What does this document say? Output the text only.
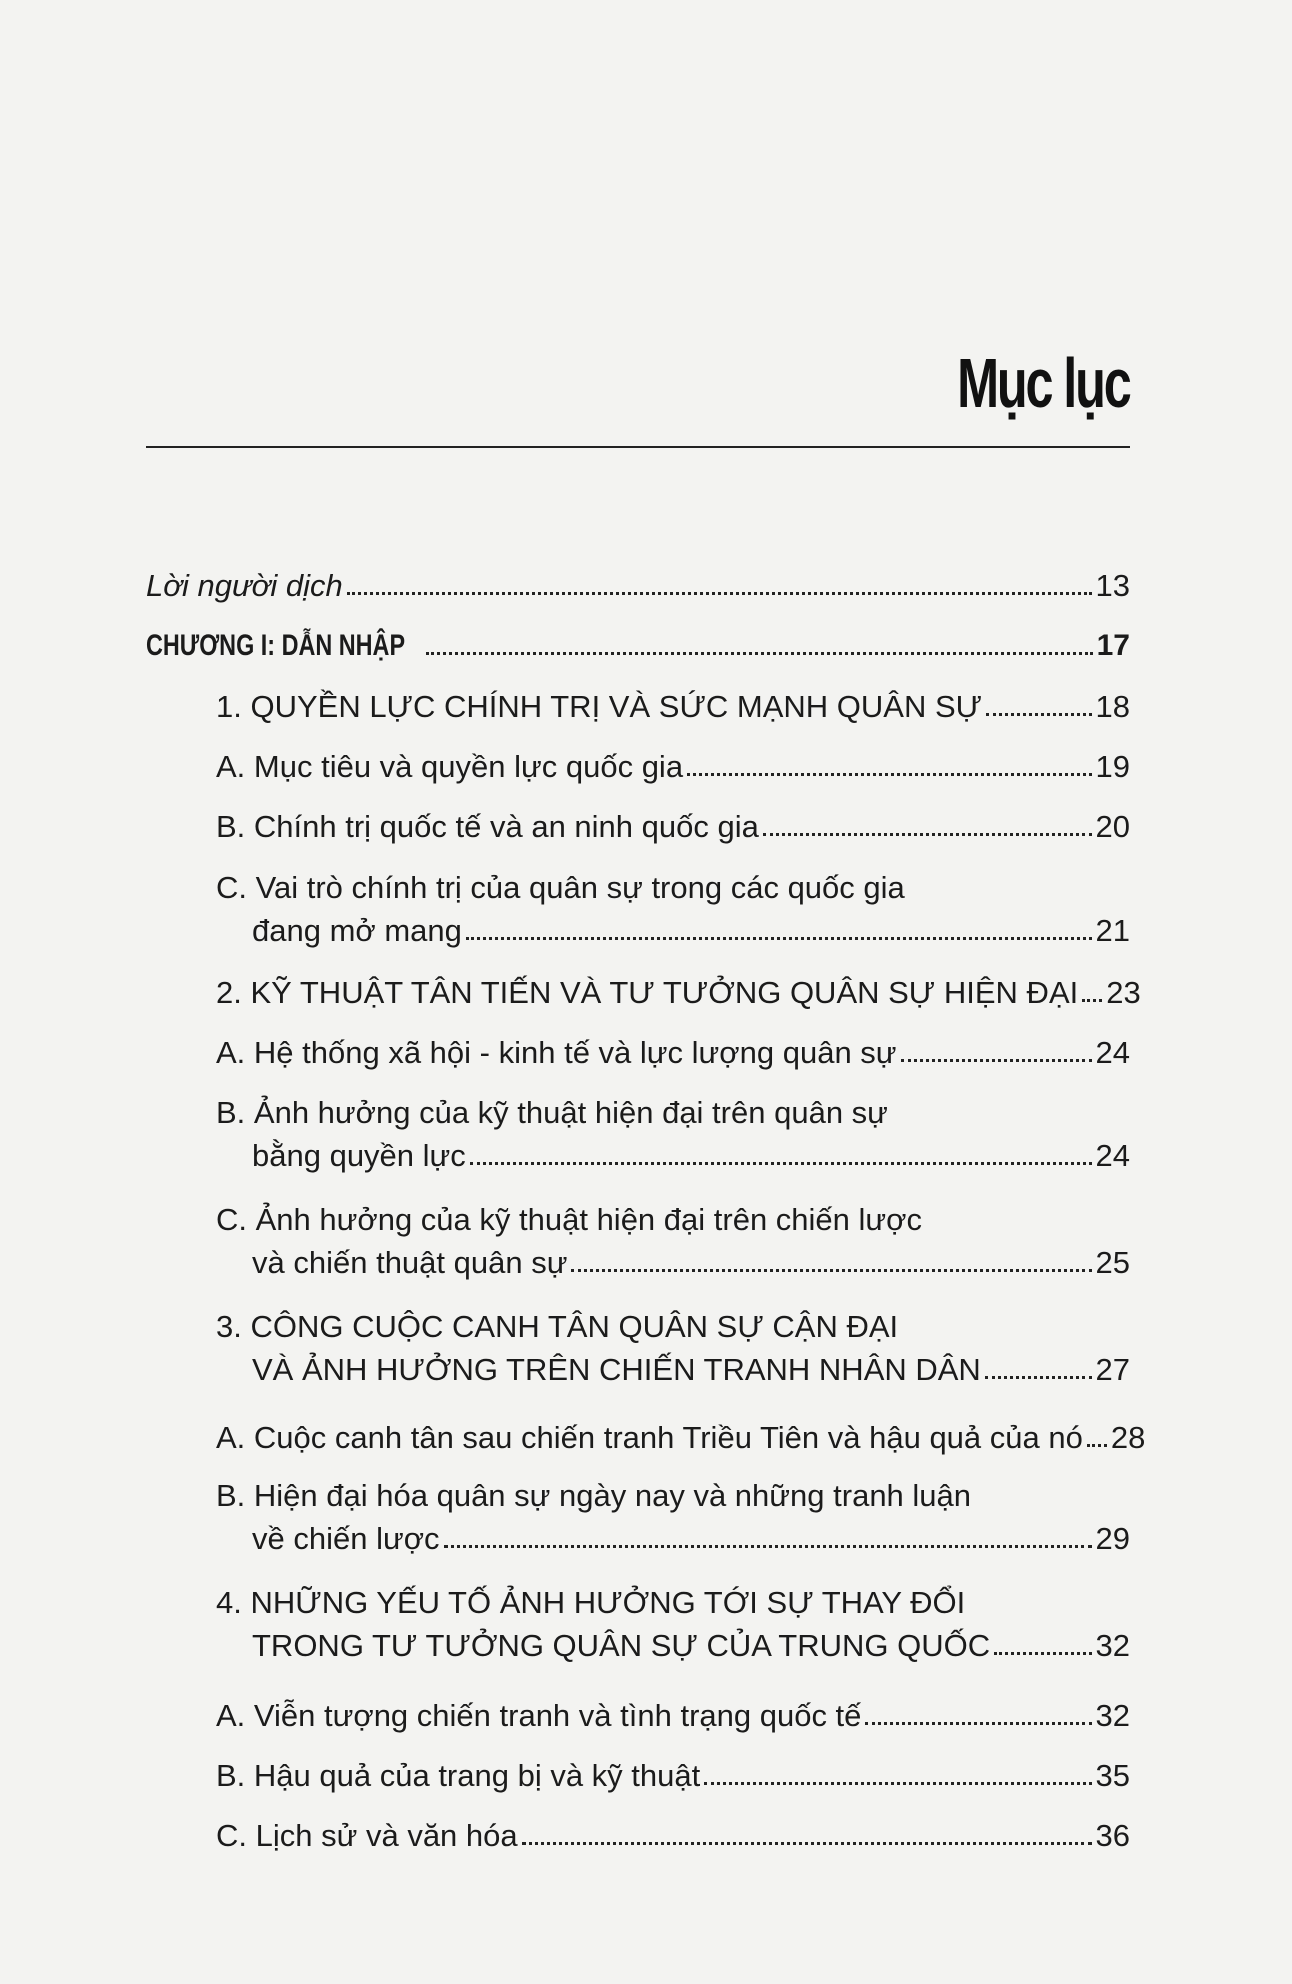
Mục lục
Lời người dịch	13
CHƯƠNG I: DẪN NHẬP	17
1. QUYỀN LỰC CHÍNH TRỊ VÀ SỨC MẠNH QUÂN SỰ	18
A. Mục tiêu và quyền lực quốc gia	19
B. Chính trị quốc tế và an ninh quốc gia	20
C. Vai trò chính trị của quân sự trong các quốc gia
đang mở mang	21
2. KỸ THUẬT TÂN TIẾN VÀ TƯ TƯỞNG QUÂN SỰ HIỆN ĐẠI 23
A. Hệ thống xã hội - kinh tế và lực lượng quân sự	24
B. Ảnh hưởng của kỹ thuật hiện đại trên quân sự
bằng quyền lực	24
C. Ảnh hưởng của kỹ thuật hiện đại trên chiến lược
và chiến thuật quân sự	25
3. CÔNG CUỘC CANH TÂN QUÂN SỰ CẬN ĐẠI
VÀ ẢNH HƯỞNG TRÊN CHIẾN TRANH NHÂN DÂN	27
A. Cuộc canh tân sau chiến tranh Triều Tiên và hậu quả của nó 28
B. Hiện đại hóa quân sự ngày nay và những tranh luận
về chiến lược	29
4. NHỮNG YẾU TỐ ẢNH HƯỞNG TỚI SỰ THAY ĐỔI
TRONG TƯ TƯỞNG QUÂN SỰ CỦA TRUNG QUỐC	32
A. Viễn tượng chiến tranh và tình trạng quốc tế	32
B. Hậu quả của trang bị và kỹ thuật	35
C. Lịch sử và văn hóa	36
